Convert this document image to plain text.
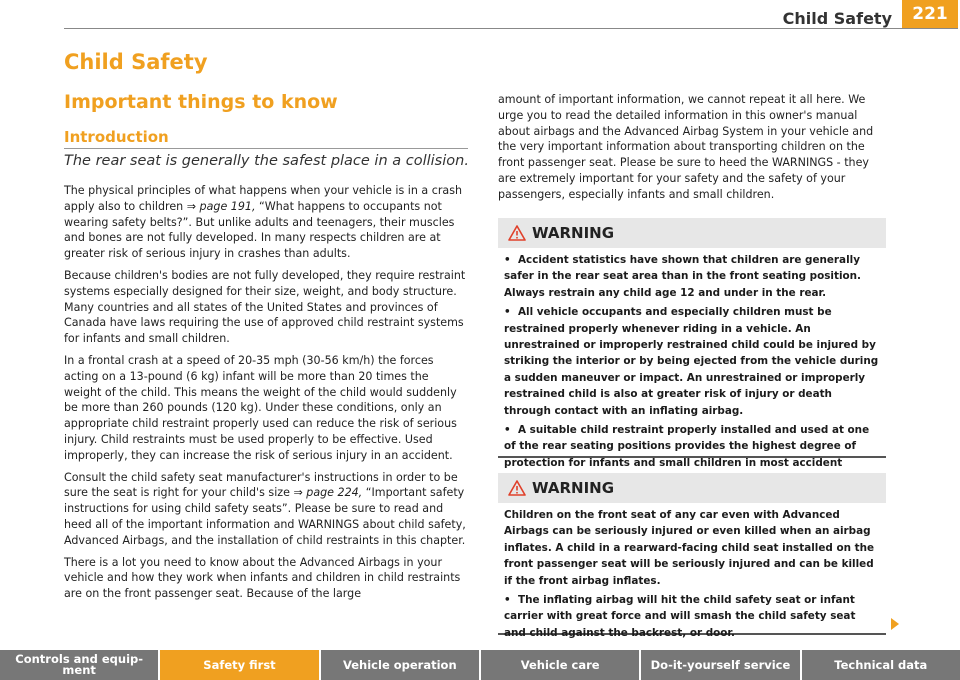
Child Safety	221
Child Safety
Important things to know
Introduction

The rear seat is generally the safest place in a collision.

The physical principles of what happens when your vehicle is in a crash apply also to children ⇒ page 191, “What happens to occupants not wearing safety belts?”. But unlike adults and teenagers, their muscles and bones are not fully developed. In many respects children are at greater risk of serious injury in crashes than adults.

Because children's bodies are not fully developed, they require restraint systems especially designed for their size, weight, and body structure. Many countries and all states of the United States and provinces of Canada have laws requiring the use of approved child restraint systems for infants and small children.

In a frontal crash at a speed of 20-35 mph (30-56 km/h) the forces acting on a 13-pound (6 kg) infant will be more than 20 times the weight of the child. This means the weight of the child would suddenly be more than 260 pounds (120 kg). Under these conditions, only an appropriate child restraint properly used can reduce the risk of serious injury. Child restraints must be used properly to be effective. Used improperly, they can increase the risk of serious injury in an accident.

Consult the child safety seat manufacturer's instructions in order to be sure the seat is right for your child's size ⇒ page 224, “Important safety instructions for using child safety seats”. Please be sure to read and heed all of the important information and WARNINGS about child safety, Advanced Airbags, and the installation of child restraints in this chapter.

There is a lot you need to know about the Advanced Airbags in your vehicle and how they work when infants and children in child restraints are on the front passenger seat. Because of the large

amount of important information, we cannot repeat it all here. We urge you to read the detailed information in this owner's manual about airbags and the Advanced Airbag System in your vehicle and the very important information about transporting children on the front passenger seat. Please be sure to heed the WARNINGS - they are extremely important for your safety and the safety of your passengers, especially infants and small children.

WARNING

• Accident statistics have shown that children are generally safer in the rear seat area than in the front seating position. Always restrain any child age 12 and under in the rear.

• All vehicle occupants and especially children must be restrained properly whenever riding in a vehicle. An unrestrained or improperly restrained child could be injured by striking the interior or by being ejected from the vehicle during a sudden maneuver or impact. An unrestrained or improperly restrained child is also at greater risk of injury or death through contact with an inflating airbag.

• A suitable child restraint properly installed and used at one of the rear seating positions provides the highest degree of protection for infants and small children in most accident

WARNING

Children on the front seat of any car even with Advanced Airbags can be seriously injured or even killed when an airbag inflates. A child in a rearward-facing child seat installed on the front passenger seat will be seriously injured and can be killed if the front airbag inflates.

• The inflating airbag will hit the child safety seat or infant carrier with great force and will smash the child safety seat and child against the backrest, or door.

Controls and equip- ment	Safety first	Vehicle operation	Vehicle care	Do-it-yourself service	Technical data
